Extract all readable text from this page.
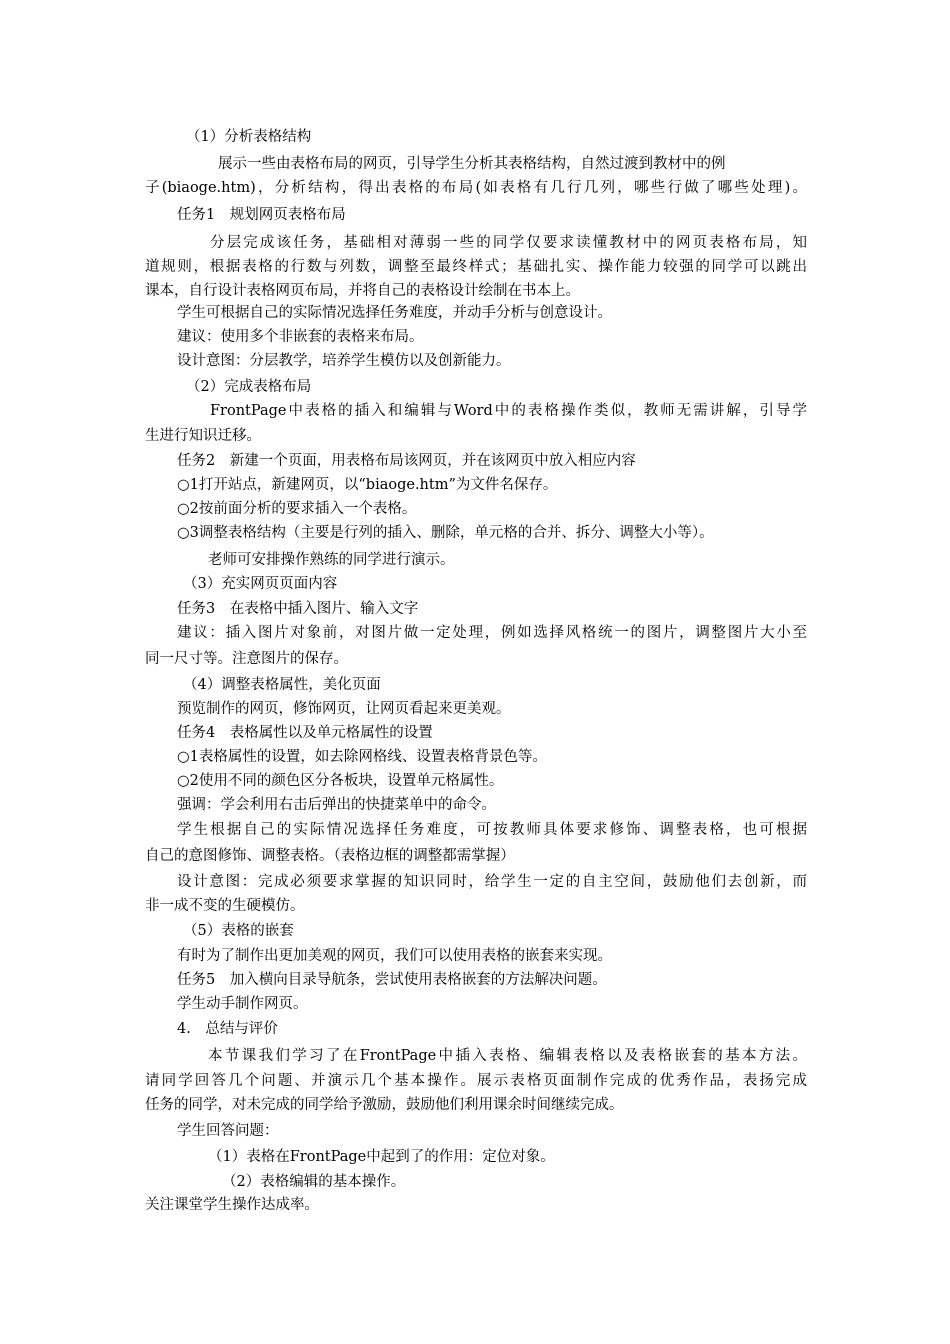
（1）分析表格结构
展示一些由表格布局的网页，引导学生分析其表格结构，自然过渡到教材中的例
子(biaoge.htm)，分析结构，得出表格的布局(如表格有几行几列，哪些行做了哪些处理)。
任务1　规划网页表格布局
分层完成该任务，基础相对薄弱一些的同学仅要求读懂教材中的网页表格布局，知
道规则，根据表格的行数与列数，调整至最终样式；基础扎实、操作能力较强的同学可以跳出
课本，自行设计表格网页布局，并将自己的表格设计绘制在书本上。
学生可根据自己的实际情况选择任务难度，并动手分析与创意设计。
建议：使用多个非嵌套的表格来布局。
设计意图：分层教学，培养学生模仿以及创新能力。
（2）完成表格布局
FrontPage中表格的插入和编辑与Word中的表格操作类似，教师无需讲解，引导学
生进行知识迁移。
任务2　新建一个页面，用表格布局该网页，并在该网页中放入相应内容
○1打开站点，新建网页，以“biaoge.htm”为文件名保存。
○2按前面分析的要求插入一个表格。
○3调整表格结构（主要是行列的插入、删除，单元格的合并、拆分、调整大小等）。
老师可安排操作熟练的同学进行演示。
（3）充实网页页面内容
任务3　在表格中插入图片、输入文字
建议：插入图片对象前，对图片做一定处理，例如选择风格统一的图片，调整图片大小至
同一尺寸等。注意图片的保存。
（4）调整表格属性，美化页面
预览制作的网页，修饰网页，让网页看起来更美观。
任务4　表格属性以及单元格属性的设置
○1表格属性的设置，如去除网格线、设置表格背景色等。
○2使用不同的颜色区分各板块，设置单元格属性。
强调：学会利用右击后弹出的快捷菜单中的命令。
学生根据自己的实际情况选择任务难度，可按教师具体要求修饰、调整表格，也可根据
自己的意图修饰、调整表格。（表格边框的调整都需掌握）
设计意图：完成必须要求掌握的知识同时，给学生一定的自主空间，鼓励他们去创新，而
非一成不变的生硬模仿。
（5）表格的嵌套
有时为了制作出更加美观的网页，我们可以使用表格的嵌套来实现。
任务5　加入横向目录导航条，尝试使用表格嵌套的方法解决问题。
学生动手制作网页。
4.　总结与评价
本节课我们学习了在FrontPage中插入表格、编辑表格以及表格嵌套的基本方法。
请同学回答几个问题、并演示几个基本操作。展示表格页面制作完成的优秀作品，表扬完成
任务的同学，对未完成的同学给予激励，鼓励他们利用课余时间继续完成。
学生回答问题：
（1）表格在FrontPage中起到了的作用：定位对象。
（2）表格编辑的基本操作。
关注课堂学生操作达成率。
